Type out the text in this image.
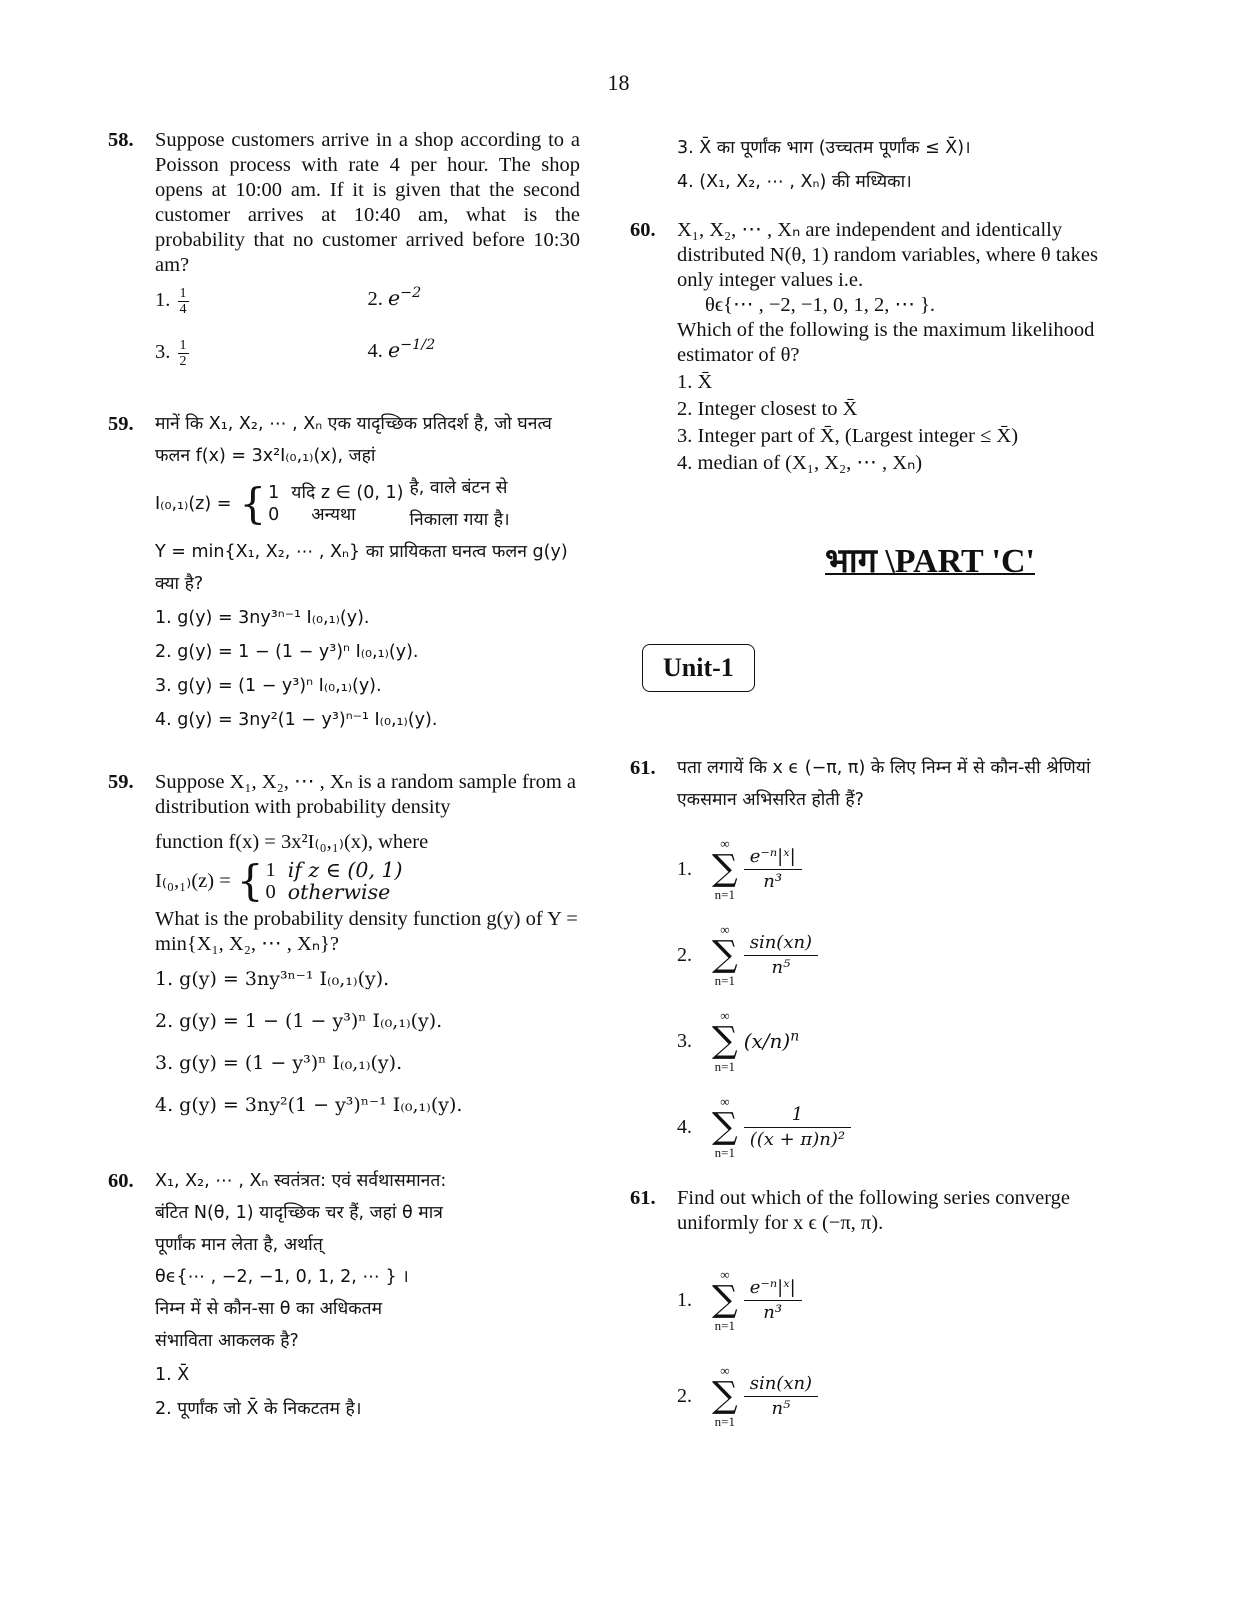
18
58. Suppose customers arrive in a shop according to a Poisson process with rate 4 per hour. The shop opens at 10:00 am. If it is given that the second customer arrives at 10:40 am, what is the probability that no customer arrived before 10:30 am?
1. $\frac{1}{4}$	2. $e^{-2}$
3. $\frac{1}{2}$	4. $e^{-1/2}$
59. मानें कि X₁, X₂, ⋯ , Xₙ एक यादृच्छिक प्रतिदर्श है, जो घनत्व फलन f(x) = 3x²I₍₀,₁₎(x), जहां
I₍₀,₁₎(z) = { 1 यदि z ∈ (0, 1)
0	अन्यथा
है, वाले बंटन से निकाला गया है।
Y = min{X₁, X₂, ⋯ , Xₙ} का प्रायिकता घनत्व फलन g(y) क्या है?
1. g(y) = 3ny³ⁿ⁻¹ I₍₀,₁₎(y).
2. g(y) = 1 − (1 − y³)ⁿ I₍₀,₁₎(y).
3. g(y) = (1 − y³)ⁿ I₍₀,₁₎(y).
4. g(y) = 3ny²(1 − y³)ⁿ⁻¹ I₍₀,₁₎(y).
59. Suppose X₁, X₂, ⋯ , Xₙ is a random sample from a distribution with probability density
function f(x) = 3x²I₍₀,₁₎(x), where
I₍₀,₁₎(z) = { 1 if z ∈ (0, 1)
0 otherwise
What is the probability density function g(y) of Y = min{X₁, X₂, ⋯ , Xₙ}?
1. g(y) = 3ny³ⁿ⁻¹ I₍₀,₁₎(y).
2. g(y) = 1 − (1 − y³)ⁿ I₍₀,₁₎(y).
3. g(y) = (1 − y³)ⁿ I₍₀,₁₎(y).
4. g(y) = 3ny²(1 − y³)ⁿ⁻¹ I₍₀,₁₎(y).
60. X₁, X₂, ⋯ , Xₙ स्वतंत्रत: एवं सर्वथासमानत:
बंटित N(θ, 1) यादृच्छिक चर हैं, जहां θ मात्र
पूर्णांक मान लेता है, अर्थात्
θϵ{⋯ , −2, −1, 0, 1, 2, ⋯ } ।
निम्न में से कौन-सा θ का अधिकतम
संभाविता आकलक है?
1. X̄
2. पूर्णांक जो X̄ के निकटतम है।
3. X̄ का पूर्णांक भाग (उच्चतम पूर्णांक ≤ X̄)।
4. (X₁, X₂, ⋯ , Xₙ) की मध्यिका।
60. X₁, X₂, ⋯ , Xₙ are independent and identically distributed N(θ, 1) random variables, where θ takes only integer values i.e.
θϵ{⋯ , −2, −1, 0, 1, 2, ⋯ }.
Which of the following is the maximum likelihood estimator of θ?
1. X̄
2. Integer closest to X̄
3. Integer part of X̄, (Largest integer ≤ X̄)
4. median of (X₁, X₂, ⋯ , Xₙ)
भाग \PART 'C'
Unit-1
61. पता लगायें कि x ϵ (−π, π) के लिए निम्न में से कौन-सी श्रेणियां एकसमान अभिसरित होती हैं?
1.
∞
∑
n=1
e⁻ⁿ|ˣ|
n³
2.
∞
∑
n=1
sin(xn)
n⁵
3.
∞
∑
n=1
$(x/n)^n$
4.
∞
∑
n=1
1
((x + π)n)²
61. Find out which of the following series converge uniformly for x ϵ (−π, π).
1.
∞
∑
n=1
e⁻ⁿ|ˣ|
n³
2.
∞
∑
n=1
sin(xn)
n⁵
